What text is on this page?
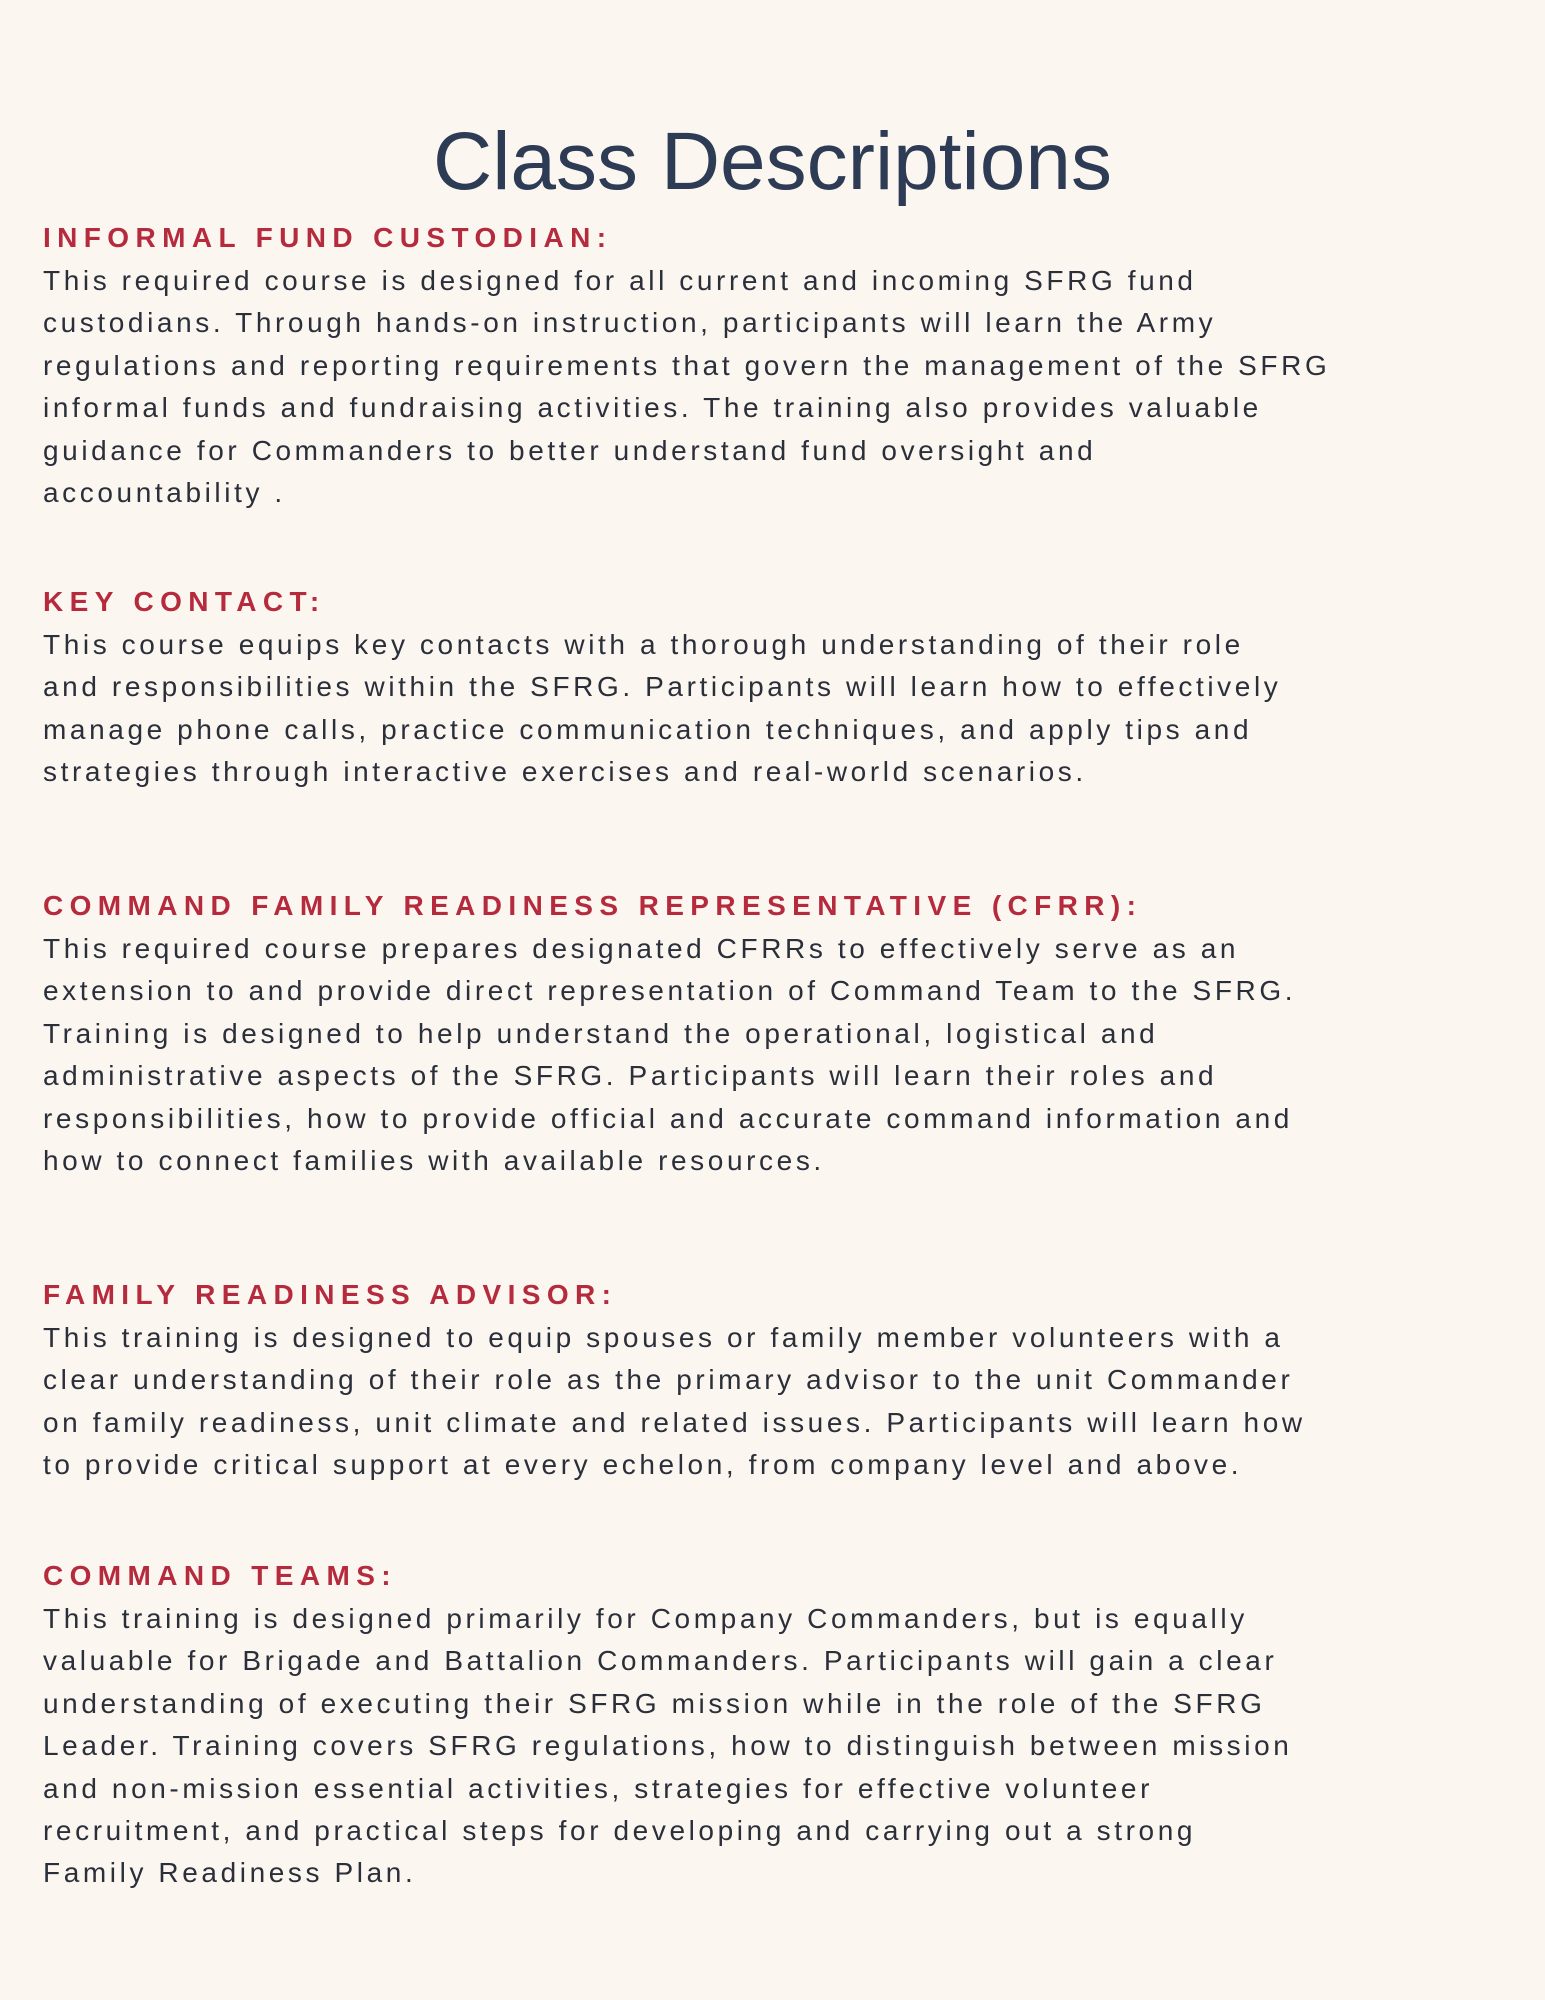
Class Descriptions

INFORMAL FUND CUSTODIAN:

This required course is designed for all current and incoming SFRG fund
custodians. Through hands-on instruction, participants will learn the Army
regulations and reporting requirements that govern the management of the SFRG
informal funds and fundraising activities. The training also provides valuable
guidance for Commanders to better understand fund oversight and
accountability .

KEY CONTACT:

This course equips key contacts with a thorough understanding of their role
and responsibilities within the SFRG. Participants will learn how to effectively
manage phone calls, practice communication techniques, and apply tips and
strategies through interactive exercises and real-world scenarios.

COMMAND FAMILY READINESS REPRESENTATIVE (CFRR):

This required course prepares designated CFRRs to effectively serve as an
extension to and provide direct representation of Command Team to the SFRG.
Training is designed to help understand the operational, logistical and
administrative aspects of the SFRG. Participants will learn their roles and
responsibilities, how to provide official and accurate command information and
how to connect families with available resources.

FAMILY READINESS ADVISOR:

This training is designed to equip spouses or family member volunteers with a
clear understanding of their role as the primary advisor to the unit Commander
on family readiness, unit climate and related issues. Participants will learn how
to provide critical support at every echelon, from company level and above.

COMMAND TEAMS:

This training is designed primarily for Company Commanders, but is equally
valuable for Brigade and Battalion Commanders. Participants will gain a clear
understanding of executing their SFRG mission while in the role of the SFRG
Leader. Training covers SFRG regulations, how to distinguish between mission
and non-mission essential activities, strategies for effective volunteer
recruitment, and practical steps for developing and carrying out a strong
Family Readiness Plan.
